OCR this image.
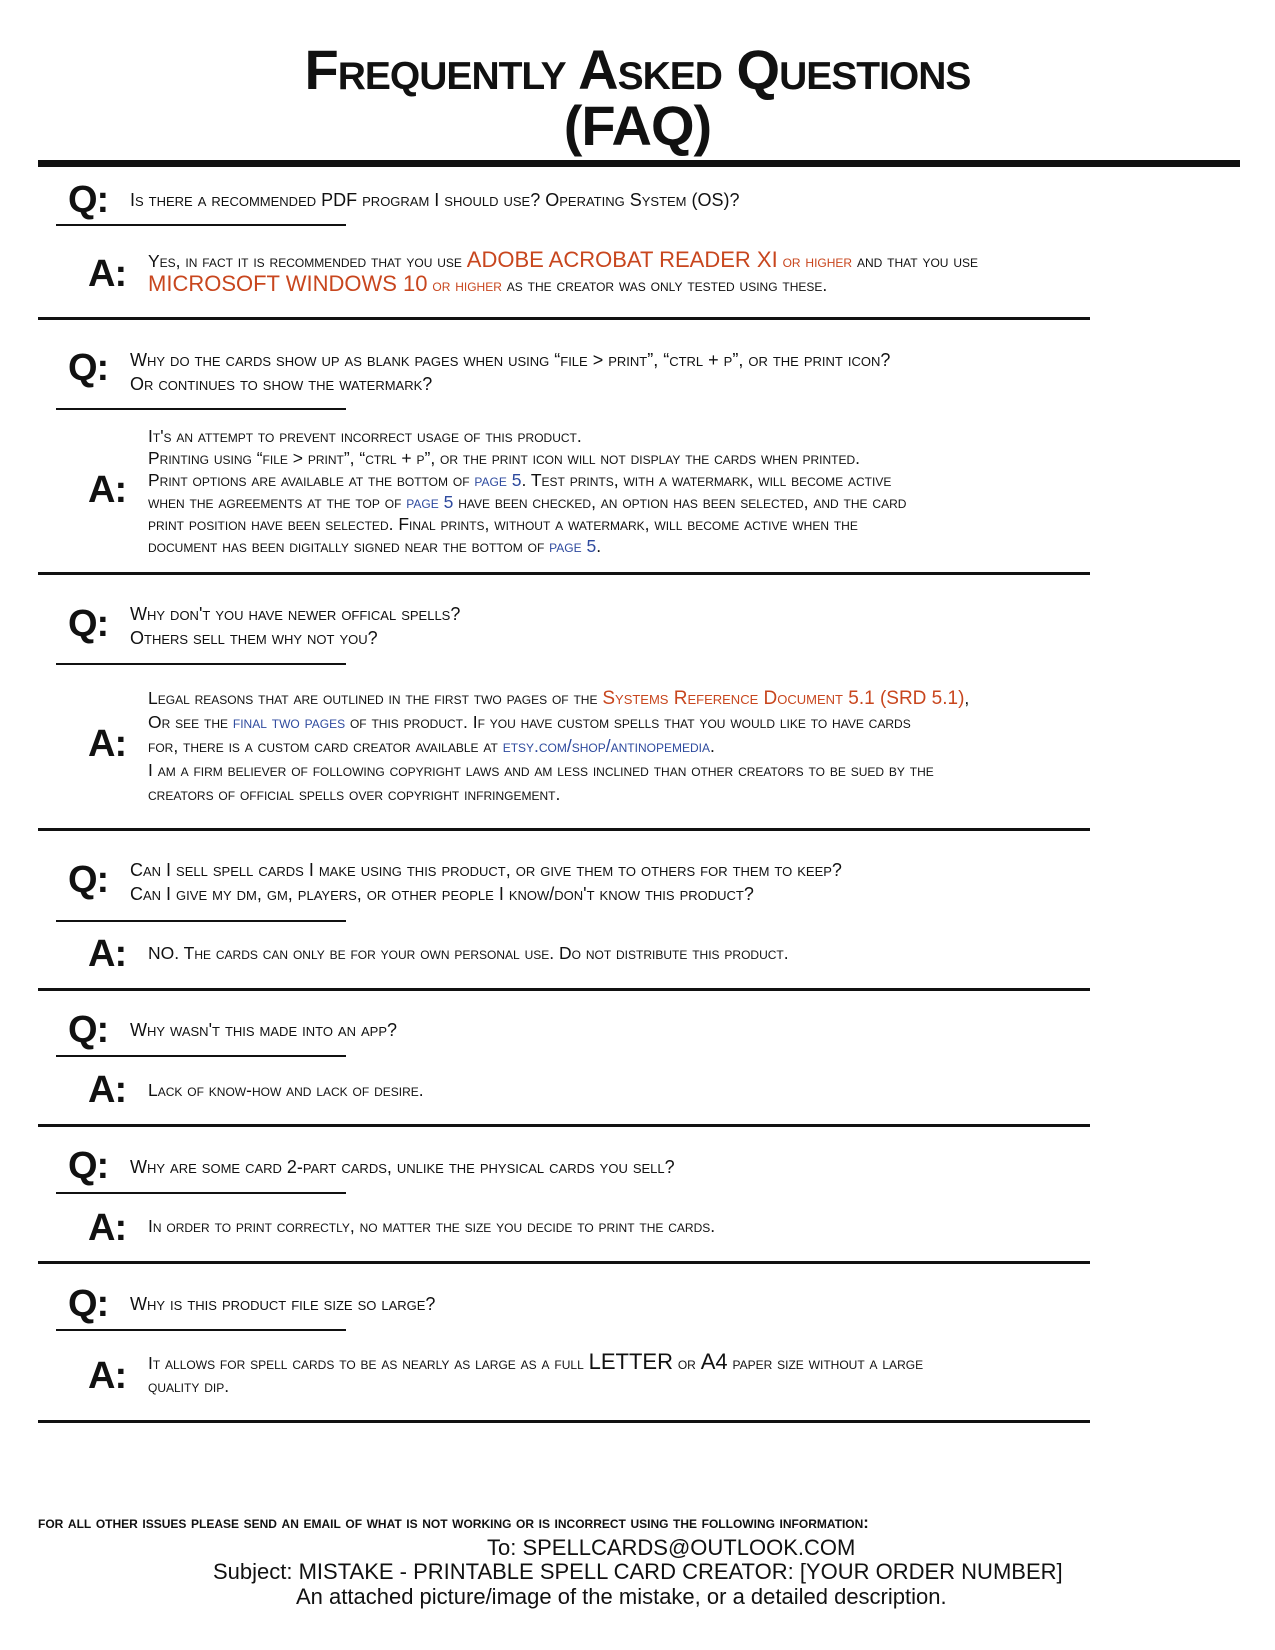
Frequently Asked Questions
(FAQ)
Q: Is there a recommended PDF program I should use? Operating System (OS)?
A: Yes, in fact it is recommended that you use ADOBE ACROBAT READER XI or higher and that you use
MICROSOFT WINDOWS 10 or higher as the creator was only tested using these.
Q: Why do the cards show up as blank pages when using “file > print”, “ctrl + p”, or the print icon?
Or continues to show the watermark?
A:
It's an attempt to prevent incorrect usage of this product.
Printing using “file > print”, “ctrl + p”, or the print icon will not display the cards when printed.
Print options are available at the bottom of page 5. Test prints, with a watermark, will become active
when the agreements at the top of page 5 have been checked, an option has been selected, and the card
print position have been selected. Final prints, without a watermark, will become active when the
document has been digitally signed near the bottom of page 5.
Q: Why don't you have newer offical spells?
Others sell them why not you?
A:
Legal reasons that are outlined in the first two pages of the Systems Reference Document 5.1 (SRD 5.1),
Or see the final two pages of this product. If you have custom spells that you would like to have cards
for, there is a custom card creator available at etsy.com/shop/antinopemedia.
I am a firm believer of following copyright laws and am less inclined than other creators to be sued by the
creators of official spells over copyright infringement.
Q: Can I sell spell cards I make using this product, or give them to others for them to keep?
Can I give my dm, gm, players, or other people I know/don't know this product?
A: NO. The cards can only be for your own personal use. Do not distribute this product.
Q: Why wasn't this made into an app?
A: Lack of know-how and lack of desire.
Q: Why are some card 2-part cards, unlike the physical cards you sell?
A: In order to print correctly, no matter the size you decide to print the cards.
Q: Why is this product file size so large?
A: It allows for spell cards to be as nearly as large as a full LETTER or A4 paper size without a large
quality dip.
for all other issues please send an email of what is not working or is incorrect using the following information:
To: SPELLCARDS@OUTLOOK.COM
Subject: MISTAKE - PRINTABLE SPELL CARD CREATOR: [YOUR ORDER NUMBER]
An attached picture/image of the mistake, or a detailed description.
